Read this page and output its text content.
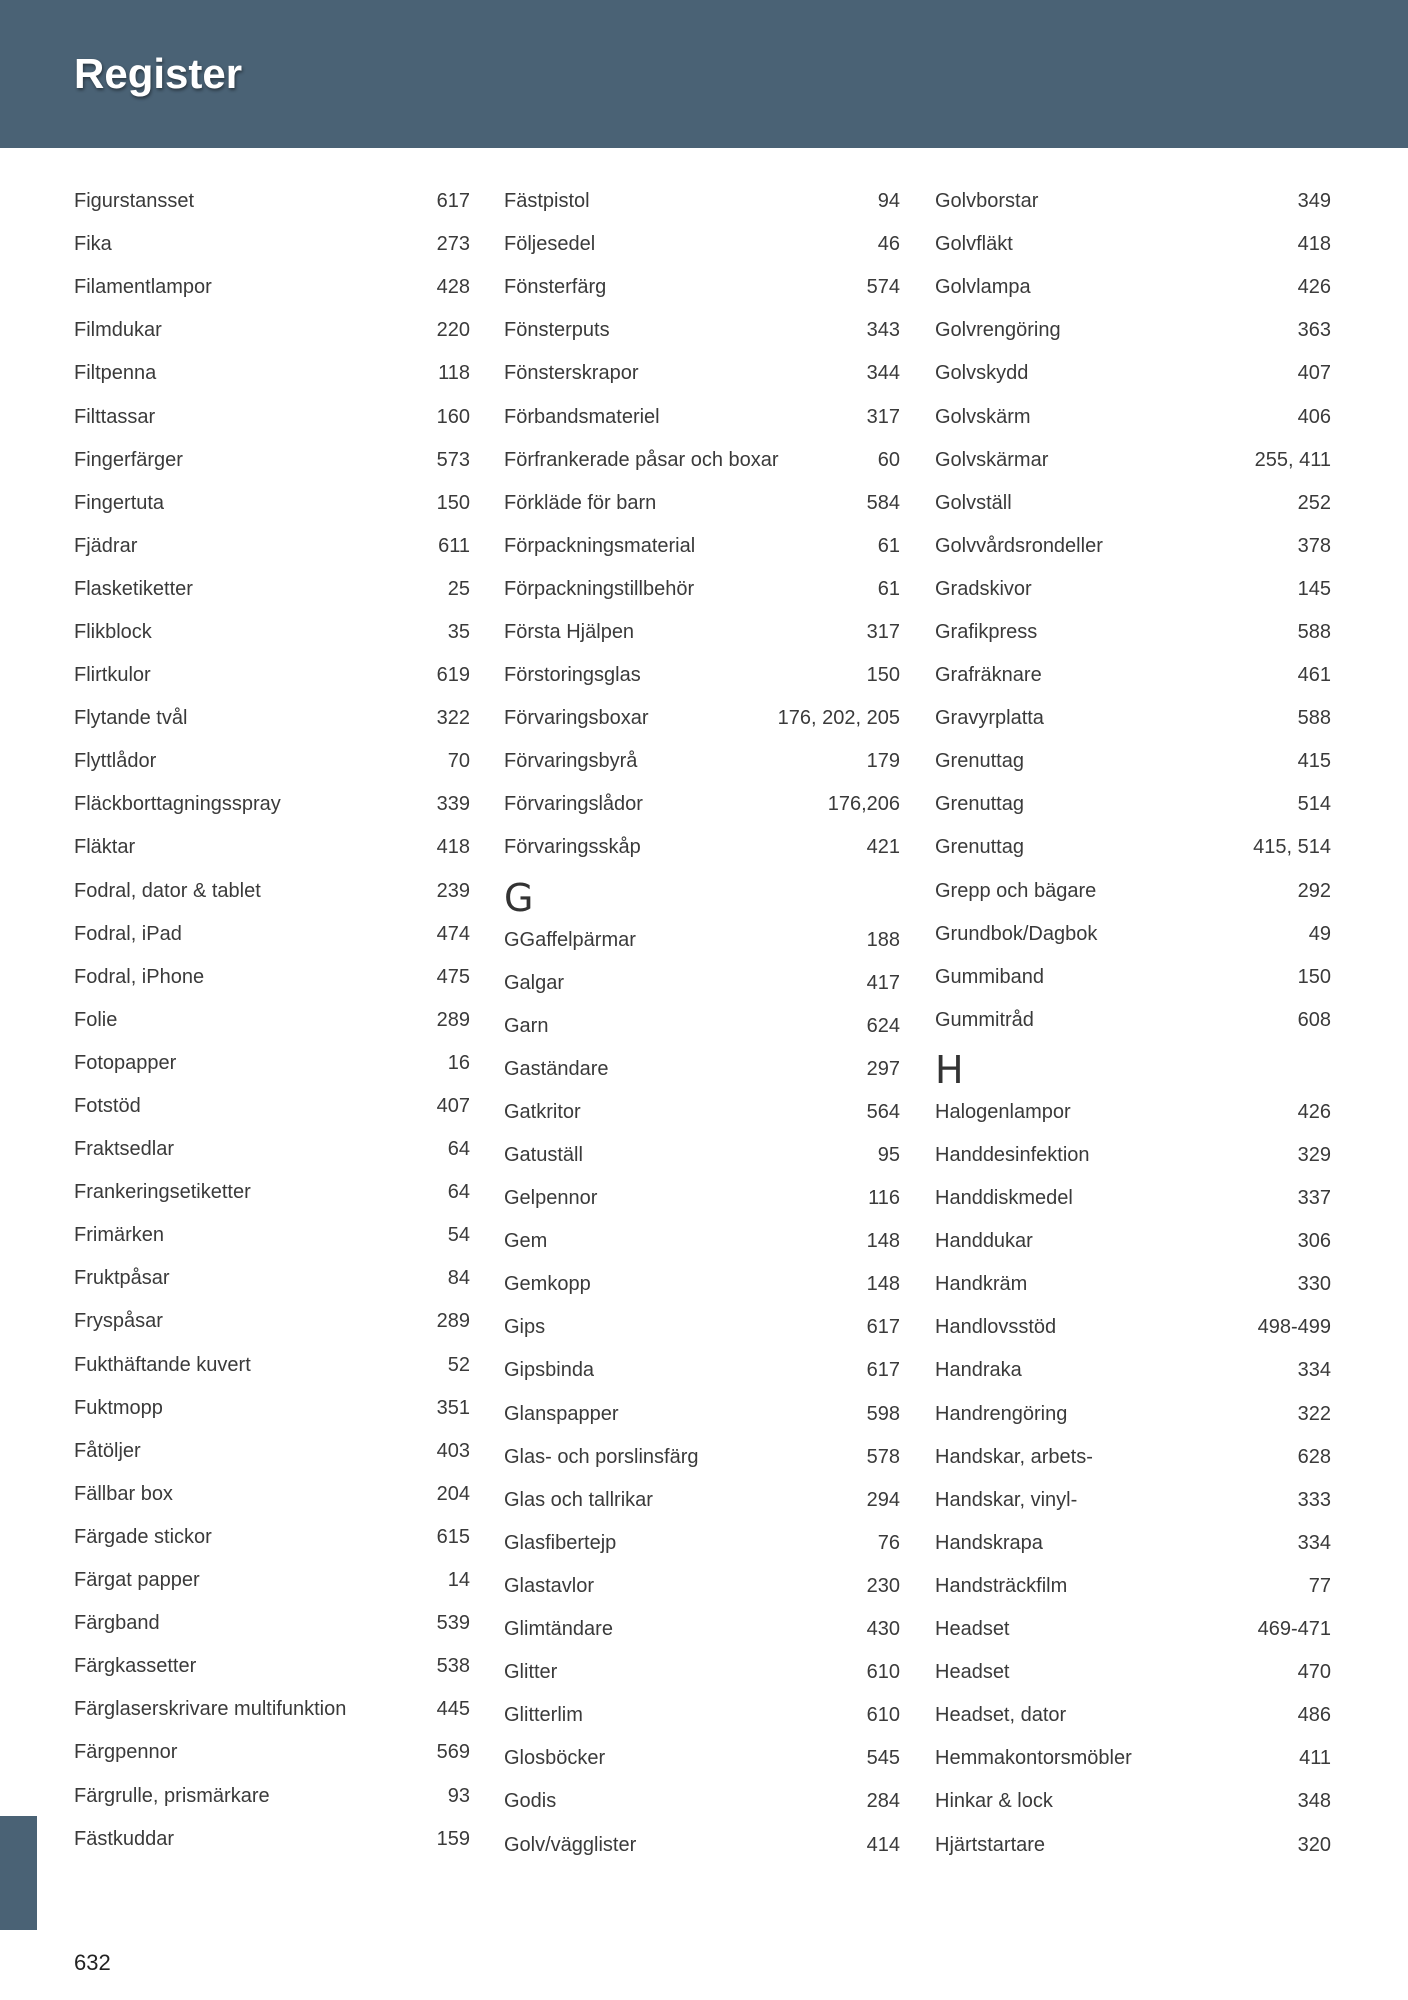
Register
Figurstansset	617
Fika	273
Filamentlampor	428
Filmdukar	220
Filtpenna	118
Filttassar	160
Fingerfärger	573
Fingertuta	150
Fjädrar	611
Flasketiketter	25
Flikblock	35
Flirtkulor	619
Flytande tvål	322
Flyttlådor	70
Fläckborttagningsspray	339
Fläktar	418
Fodral, dator & tablet	239
Fodral, iPad	474
Fodral, iPhone	475
Folie	289
Fotopapper	16
Fotstöd	407
Fraktsedlar	64
Frankeringsetiketter	64
Frimärken	54
Fruktpåsar	84
Fryspåsar	289
Fukthäftande kuvert	52
Fuktmopp	351
Fåtöljer	403
Fällbar box	204
Färgade stickor	615
Färgat papper	14
Färgband	539
Färgkassetter	538
Färglaserskrivare multifunktion	445
Färgpennor	569
Färgrulle, prismärkare	93
Fästkuddar	159
Fästpistol	94
Följesedel	46
Fönsterfärg	574
Fönsterputs	343
Fönsterskrapor	344
Förbandsmateriel	317
Förfrankerade påsar och boxar	60
Förkläde för barn	584
Förpackningsmaterial	61
Förpackningstillbehör	61
Första Hjälpen	317
Förstoringsglas	150
Förvaringsboxar	176, 202, 205
Förvaringsbyrå	179
Förvaringslådor	176,206
Förvaringsskåp	421
G
GGaffelpärmar	188
Galgar	417
Garn	624
Gaständare	297
Gatkritor	564
Gatuställ	95
Gelpennor	116
Gem	148
Gemkopp	148
Gips	617
Gipsbinda	617
Glanspapper	598
Glas- och porslinsfärg	578
Glas och tallrikar	294
Glasfibertejp	76
Glastavlor	230
Glimtändare	430
Glitter	610
Glitterlim	610
Glosböcker	545
Godis	284
Golv/vägglister	414
Golvborstar	349
Golvfläkt	418
Golvlampa	426
Golvrengöring	363
Golvskydd	407
Golvskärm	406
Golvskärmar	255, 411
Golvställ	252
Golvvårdsrondeller	378
Gradskivor	145
Grafikpress	588
Grafräknare	461
Gravyrplatta	588
Grenuttag	415
Grenuttag	514
Grenuttag	415, 514
Grepp och bägare	292
Grundbok/Dagbok	49
Gummiband	150
Gummitråd	608
H
Halogenlampor	426
Handdesinfektion	329
Handdiskmedel	337
Handdukar	306
Handkräm	330
Handlovsstöd	498-499
Handraka	334
Handrengöring	322
Handskar, arbets-	628
Handskar, vinyl-	333
Handskrapa	334
Handsträckfilm	77
Headset	469-471
Headset	470
Headset, dator	486
Hemmakontorsmöbler	411
Hinkar & lock	348
Hjärtstartare	320
632
